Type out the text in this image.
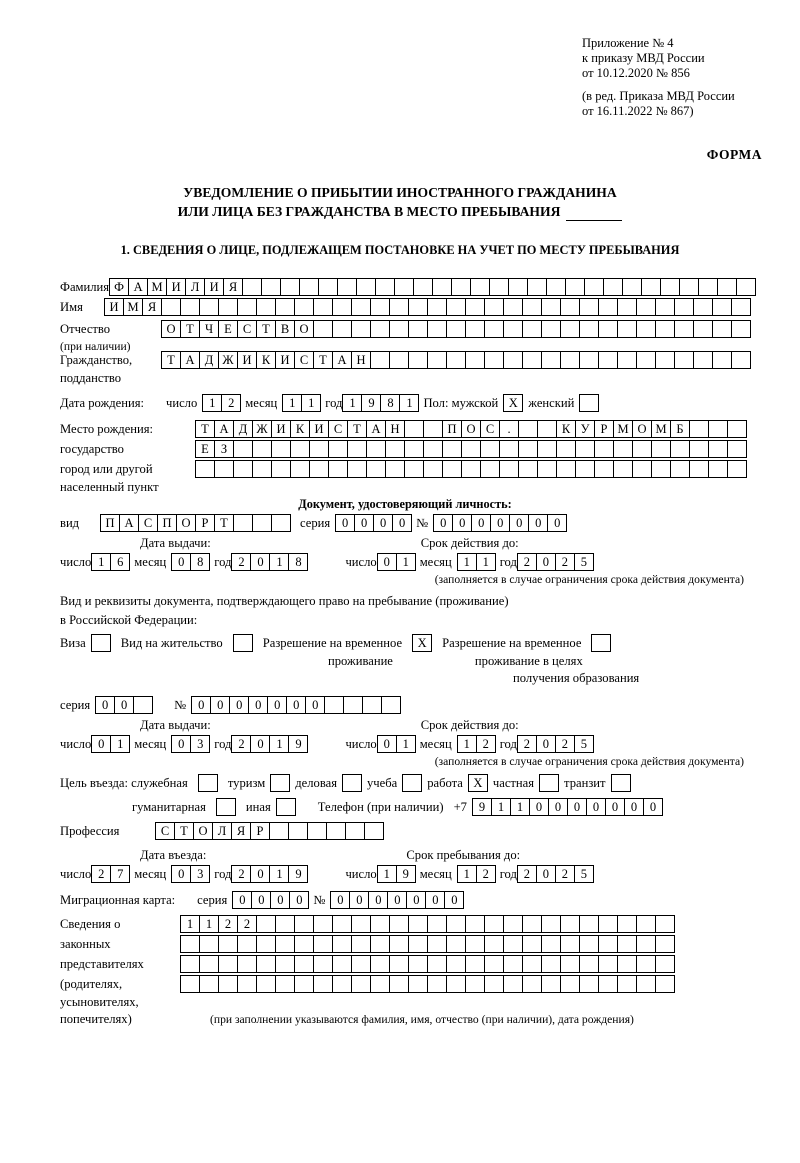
Приложение № 4
к приказу МВД России
от 10.12.2020 № 856
(в ред. Приказа МВД России
от 16.11.2022 № 867)
ФОРМА
УВЕДОМЛЕНИЕ О ПРИБЫТИИ ИНОСТРАННОГО ГРАЖДАНИНА
ИЛИ ЛИЦА БЕЗ ГРАЖДАНСТВА В МЕСТО ПРЕБЫВАНИЯ
1. СВЕДЕНИЯ О ЛИЦЕ, ПОДЛЕЖАЩЕМ ПОСТАНОВКЕ НА УЧЕТ ПО МЕСТУ ПРЕБЫВАНИЯ
Фамилия Ф А М И Л И Я
Имя	И М Я
Отчество	О Т Ч Е С Т В О
(при наличии)
Гражданство,	Т А Д Ж И К И С Т А Н
подданство
Дата рождения: число 1	2 месяц 1	1 год 1	9	8	1 Пол: мужской X женский
Место рождения:	Т А Д Ж И К И С Т А Н	П О С	.	К У Р М О М Б
государство	Е З
город или другой
населенный пункт
Документ, удостоверяющий личность:
вид	П А С П О Р Т	серия 0	0	0	0 № 0	0	0	0	0	0	0
Дата выдачи:	Срок действия до:
число 1	6 месяц 0	8 год 2	0	1	8	число 0	1 месяц 1	1 год 2	0	2	5
(заполняется в случае ограничения срока действия документа)
Вид и реквизиты документа, подтверждающего право на пребывание (проживание)
в Российской Федерации:
Виза	Вид на жительство	Разрешение на временное	X	Разрешение на временное
проживание	проживание в целях
получения образования
серия 0	0	№ 0	0	0	0	0	0	0
Дата выдачи:	Срок действия до:
число 0	1 месяц 0	3 год 2	0	1	9	число 0	1 месяц 1	2 год 2	0	2	5
(заполняется в случае ограничения срока действия документа)
Цель въезда: служебная	туризм деловая учеба работа X частная транзит
гуманитарная	иная	Телефон (при наличии) +7 9	1	1	0	0	0	0	0	0	0
Профессия	С Т О Л Я Р
Дата въезда:	Срок пребывания до:
число 2	7 месяц 0	3 год 2	0	1	9	число 1	9 месяц 1	2 год 2	0	2	5
Миграционная карта: серия 0	0	0	0 № 0	0	0	0	0	0	0
Сведения о	1	1	2	2
законных
представителях
(родителях,
усыновителях,
попечителях)	(при заполнении указываются фамилия, имя, отчество (при наличии), дата рождения)
